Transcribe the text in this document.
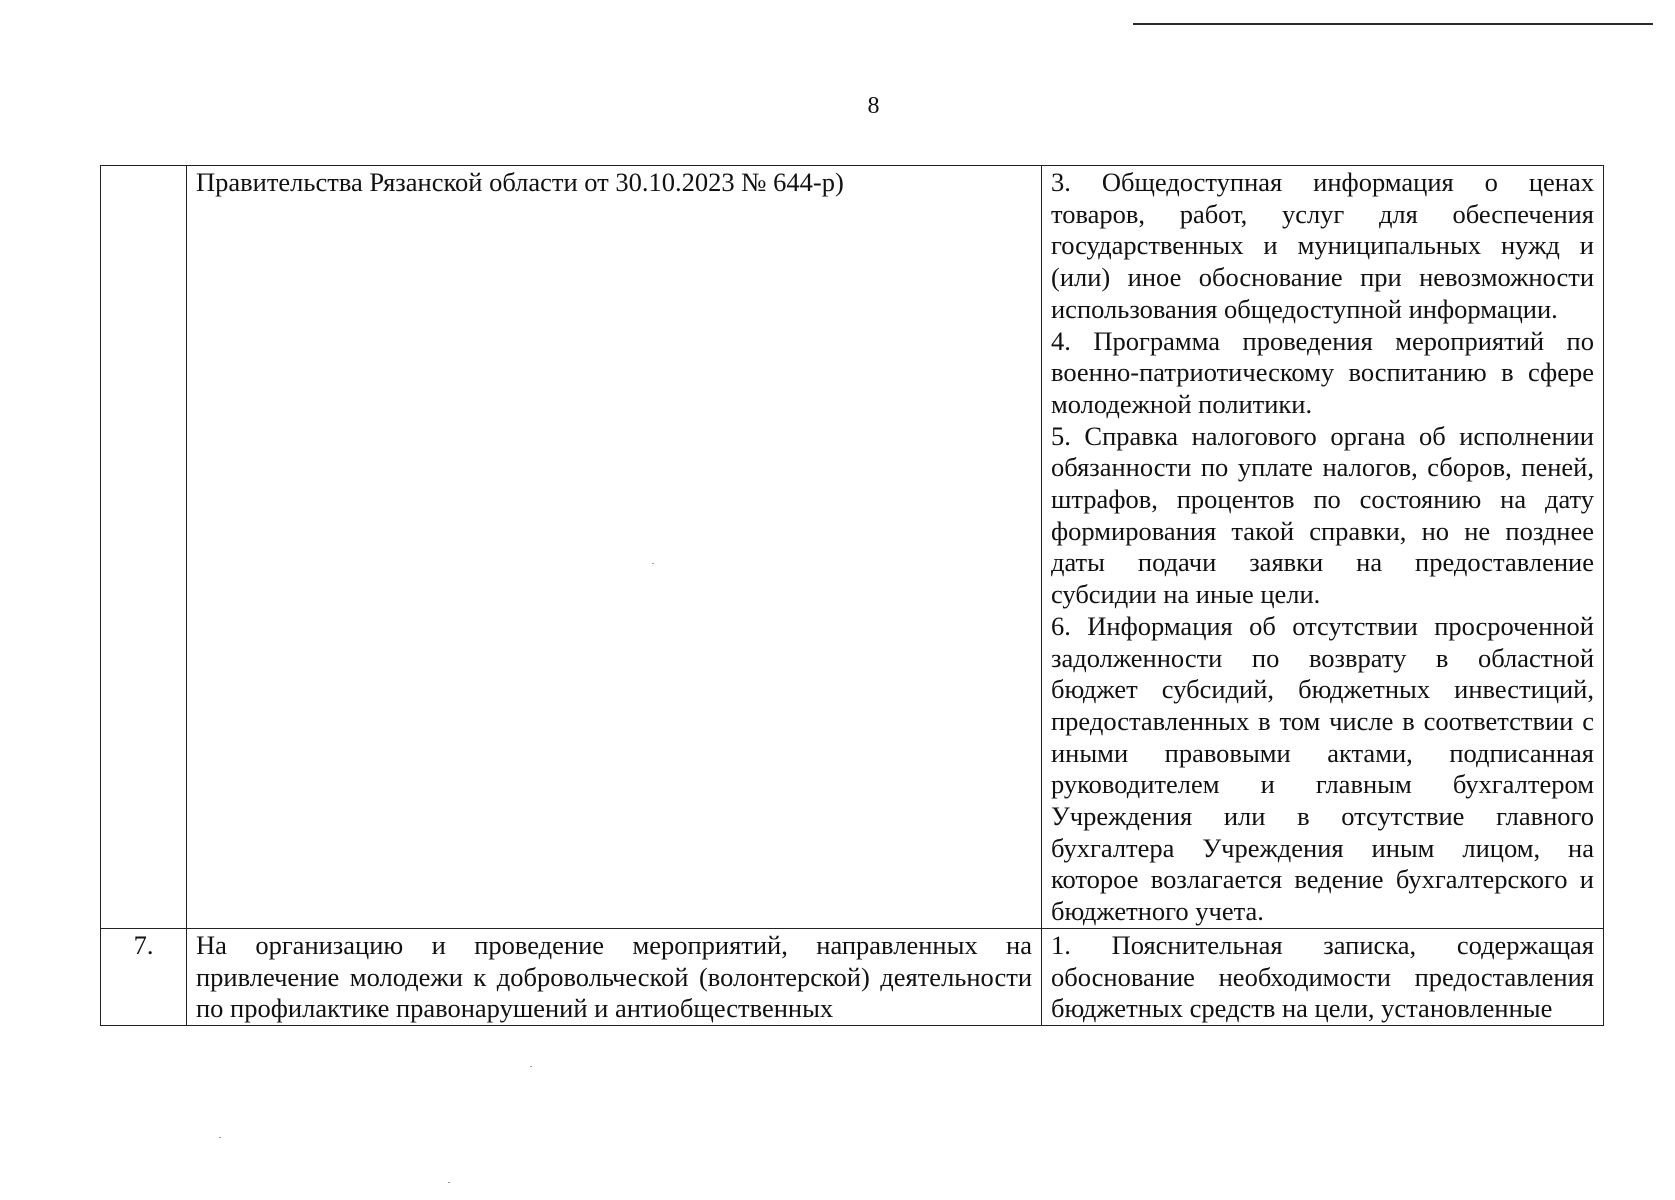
8
	Правительства Рязанской области от 30.10.2023 № 644-р)	3. Общедоступная информация о ценах товаров, работ, услуг для обеспечения государственных и муниципальных нужд и (или) иное обоснование при невозможности использования общедоступной информации.
4. Программа проведения мероприятий по военно-патриотическому воспитанию в сфере молодежной политики.
5. Справка налогового органа об исполнении обязанности по уплате налогов, сборов, пеней, штрафов, процентов по состоянию на дату формирования такой справки, но не позднее даты подачи заявки на предоставление субсидии на иные цели.
6. Информация об отсутствии просроченной задолженности по возврату в областной бюджет субсидий, бюджетных инвестиций, предоставленных в том числе в соответствии с иными правовыми актами, подписанная руководителем и главным бухгалтером Учреждения или в отсутствие главного бухгалтера Учреждения иным лицом, на которое возлагается ведение бухгалтерского и бюджетного учета.

7.	На организацию и проведение мероприятий, направленных на привлечение молодежи к добровольческой (волонтерской) деятельности по профилактике правонарушений и антиобщественных	1. Пояснительная записка, содержащая обоснование необходимости предоставления бюджетных средств на цели, установленные
